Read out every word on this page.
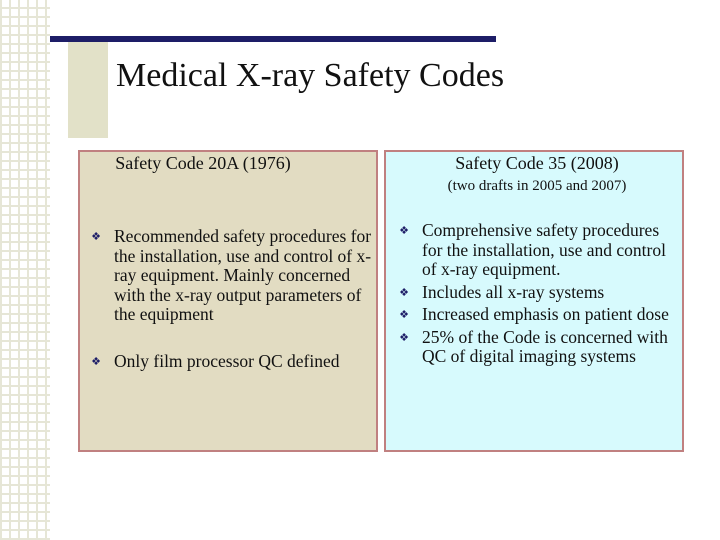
Medical X-ray Safety Codes
Safety Code 20A (1976)	Safety Code 35 (2008)
(two drafts in 2005 and 2007)
❖ Recommended safety procedures for the installation, use and control of x-ray equipment. Mainly concerned with the x-ray output parameters of the equipment
❖ Only film processor QC defined
❖ Comprehensive safety procedures for the installation, use and control of x-ray equipment.
❖ Includes all x-ray systems
❖ Increased emphasis on patient dose
❖ 25% of the Code is concerned with QC of digital imaging systems
